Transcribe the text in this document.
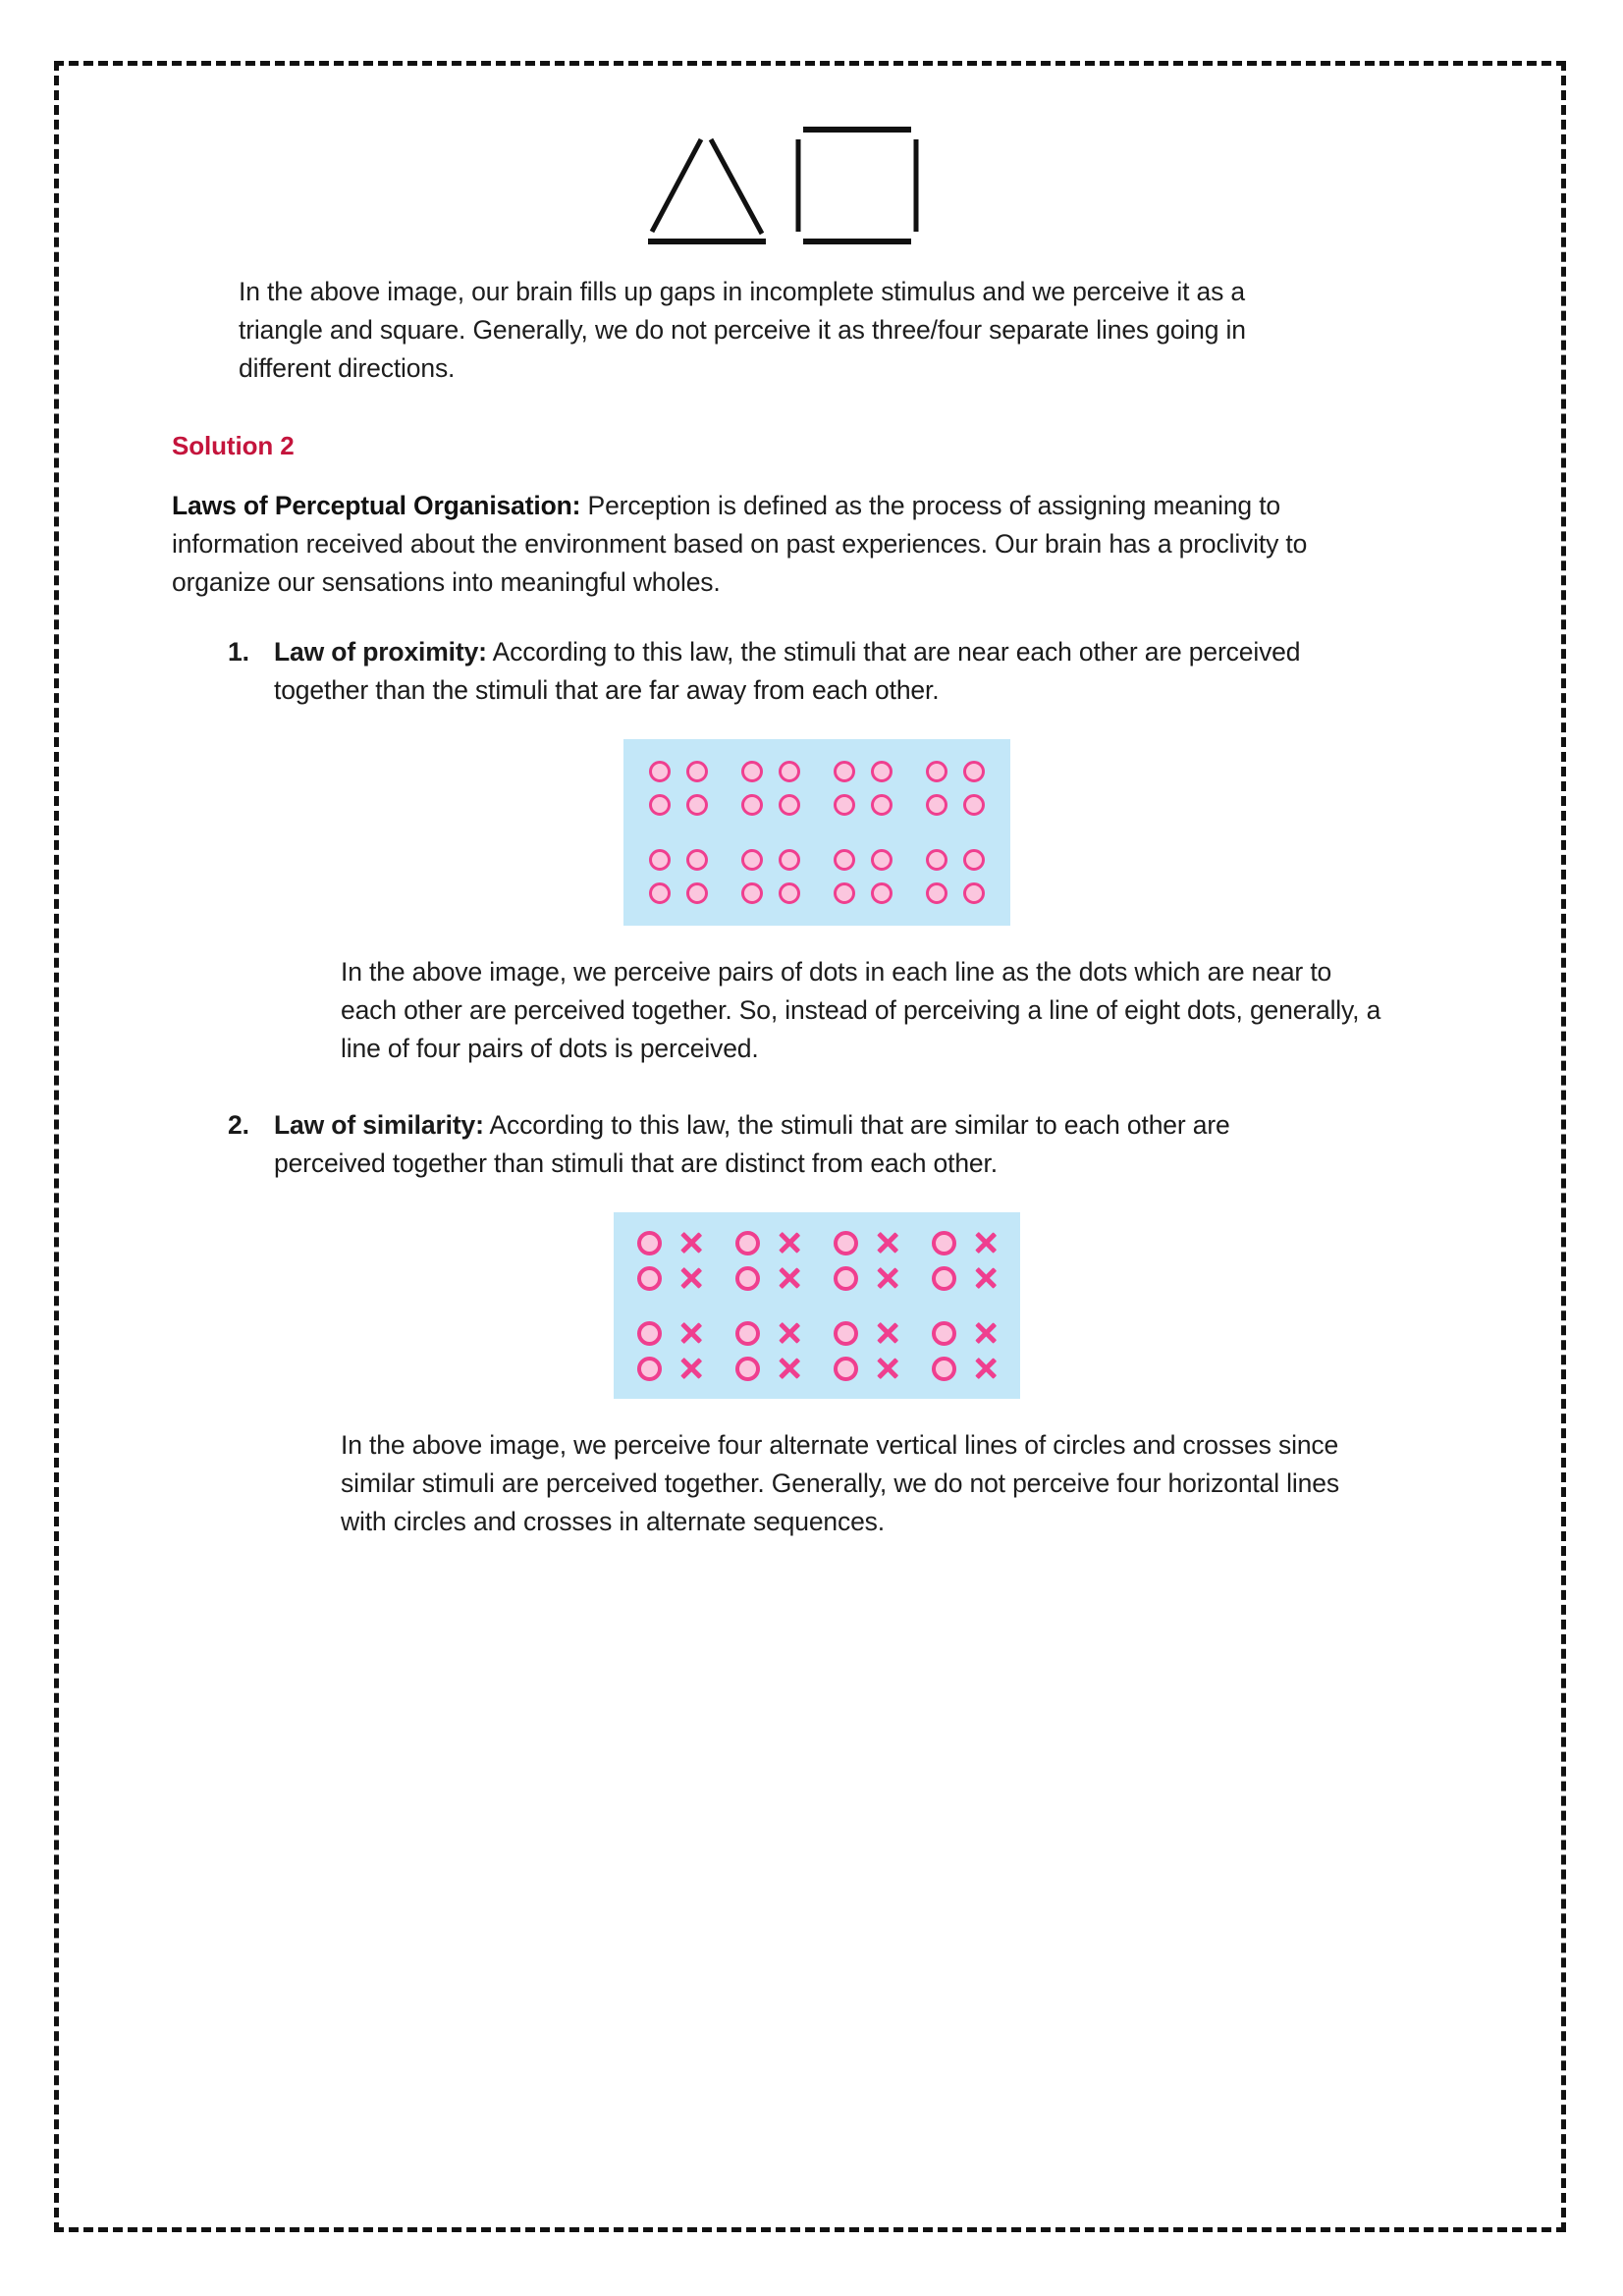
In the above image, our brain fills up gaps in incomplete stimulus and we perceive it as a triangle and square. Generally, we do not perceive it as three/four separate lines going in different directions.

Solution 2

Laws of Perceptual Organisation: Perception is defined as the process of assigning meaning to information received about the environment based on past experiences. Our brain has a proclivity to organize our sensations into meaningful wholes.

1. Law of proximity: According to this law, the stimuli that are near each other are perceived together than the stimuli that are far away from each other.

In the above image, we perceive pairs of dots in each line as the dots which are near to each other are perceived together. So, instead of perceiving a line of eight dots, generally, a line of four pairs of dots is perceived.

2. Law of similarity: According to this law, the stimuli that are similar to each other are perceived together than stimuli that are distinct from each other.

In the above image, we perceive four alternate vertical lines of circles and crosses since similar stimuli are perceived together. Generally, we do not perceive four horizontal lines with circles and crosses in alternate sequences.
